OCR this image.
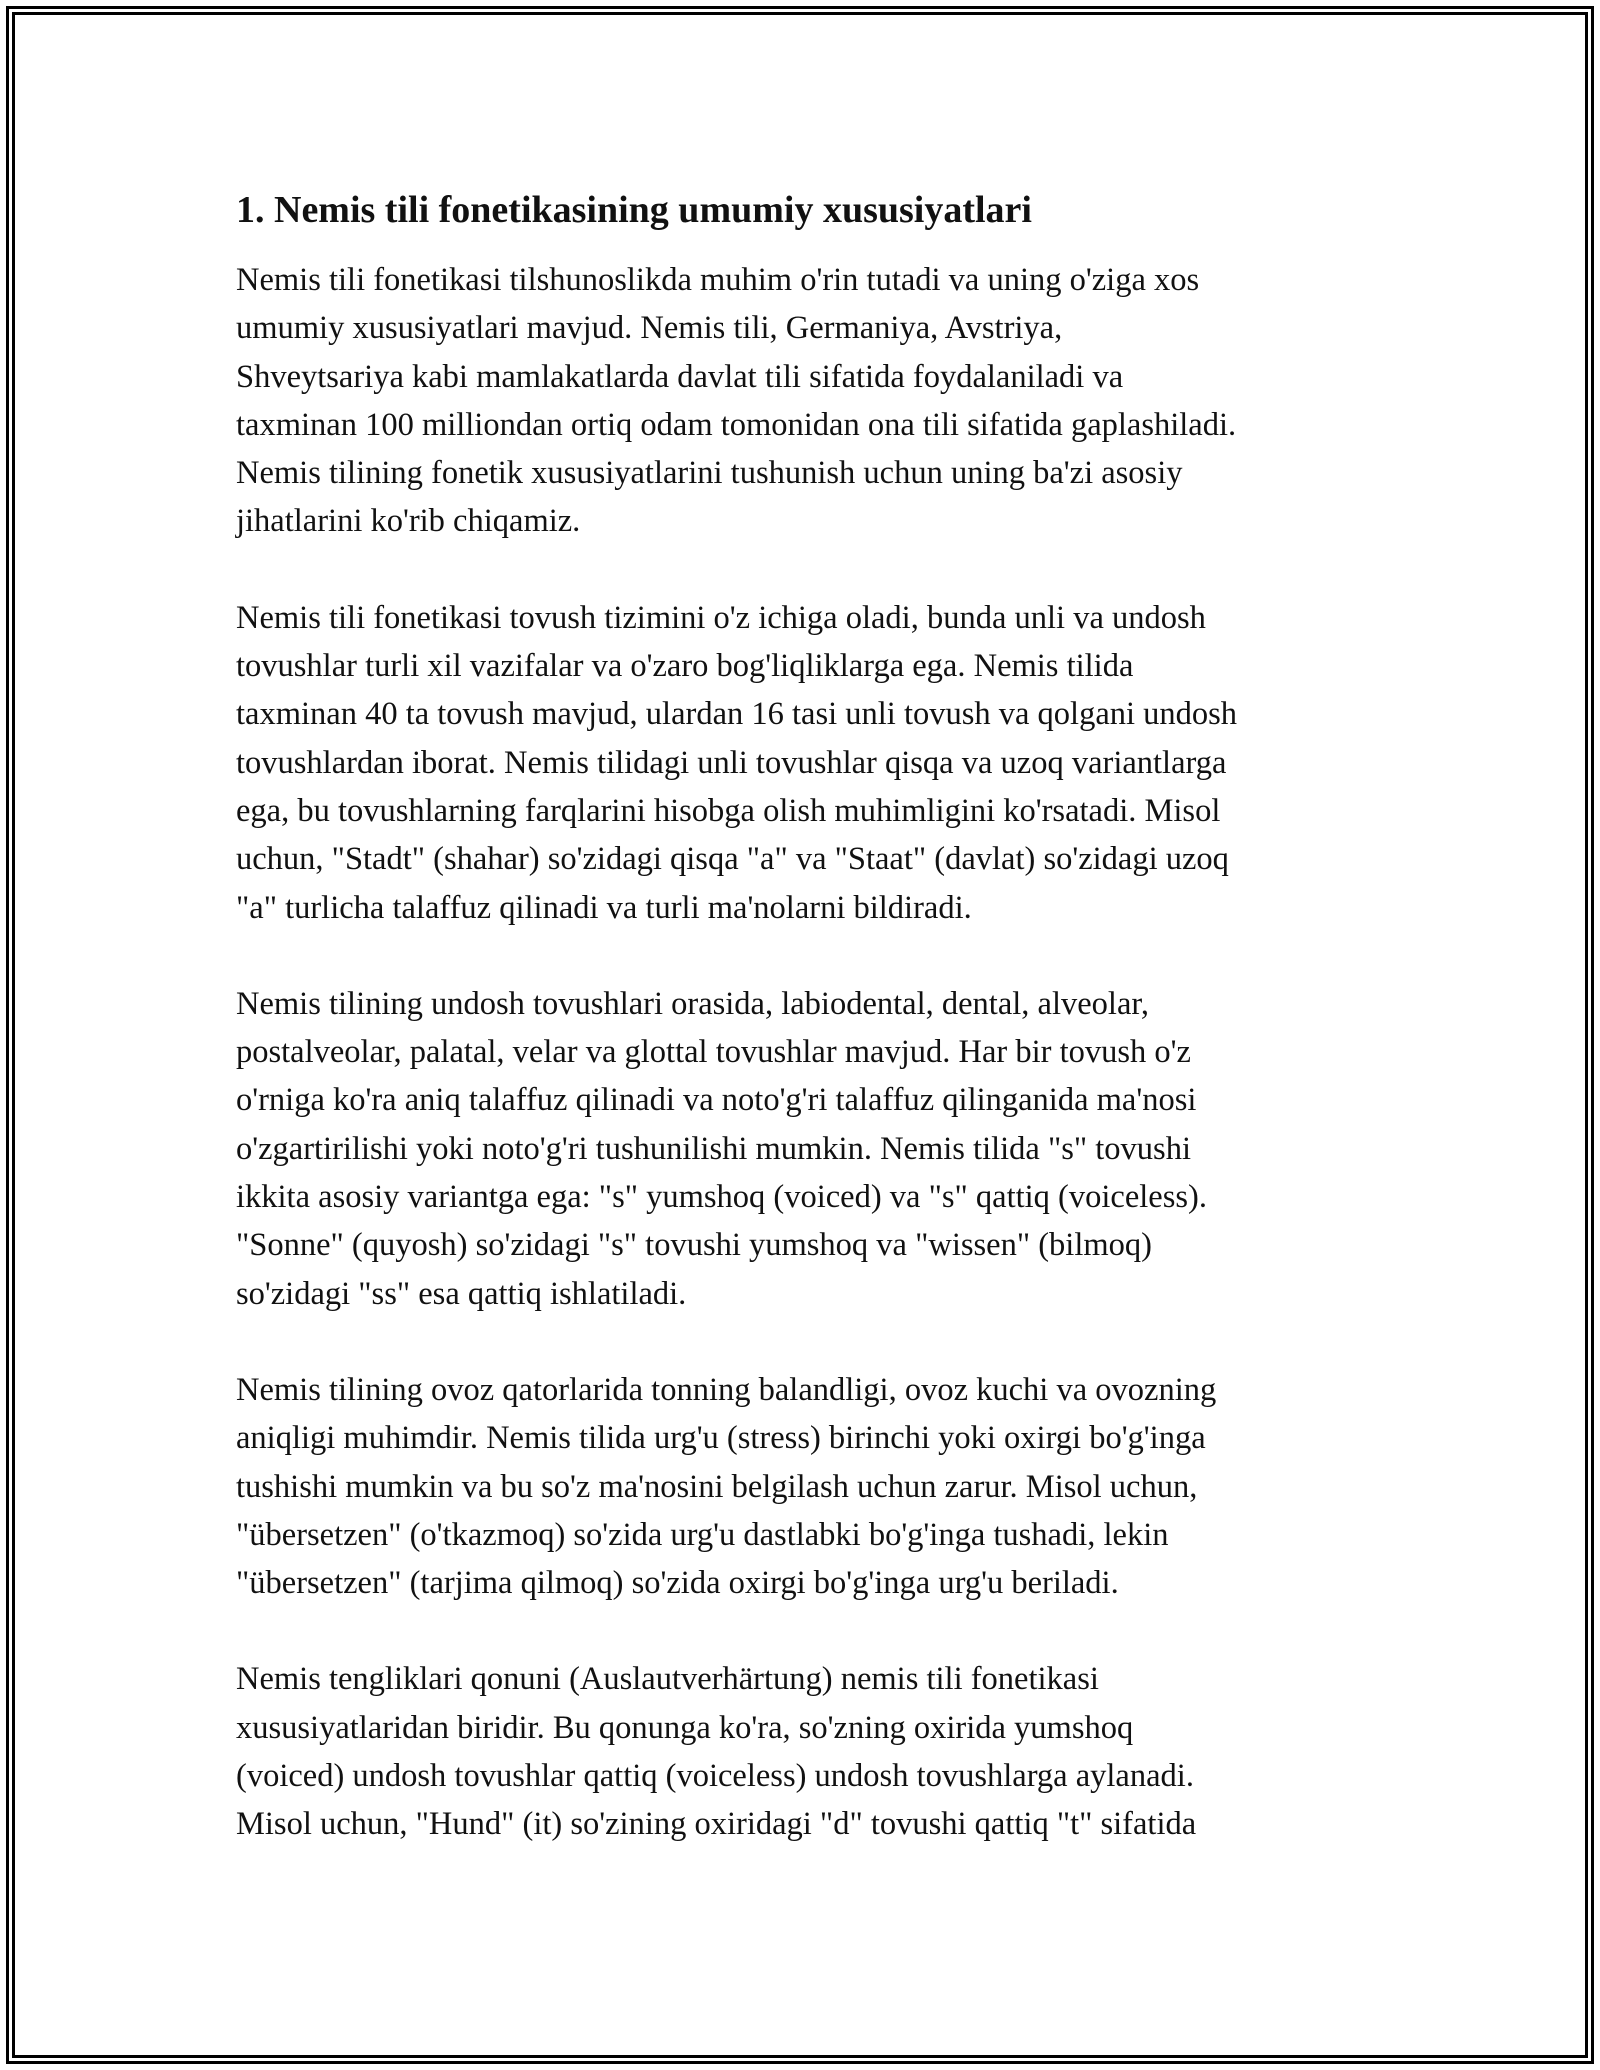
1. Nemis tili fonetikasining umumiy xususiyatlari

Nemis tili fonetikasi tilshunoslikda muhim o'rin tutadi va uning o'ziga xos
umumiy xususiyatlari mavjud. Nemis tili, Germaniya, Avstriya,
Shveytsariya kabi mamlakatlarda davlat tili sifatida foydalaniladi va
taxminan 100 milliondan ortiq odam tomonidan ona tili sifatida gaplashiladi.
Nemis tilining fonetik xususiyatlarini tushunish uchun uning ba'zi asosiy
jihatlarini ko'rib chiqamiz.

Nemis tili fonetikasi tovush tizimini o'z ichiga oladi, bunda unli va undosh
tovushlar turli xil vazifalar va o'zaro bog'liqliklarga ega. Nemis tilida
taxminan 40 ta tovush mavjud, ulardan 16 tasi unli tovush va qolgani undosh
tovushlardan iborat. Nemis tilidagi unli tovushlar qisqa va uzoq variantlarga
ega, bu tovushlarning farqlarini hisobga olish muhimligini ko'rsatadi. Misol
uchun, "Stadt" (shahar) so'zidagi qisqa "a" va "Staat" (davlat) so'zidagi uzoq
"a" turlicha talaffuz qilinadi va turli ma'nolarni bildiradi.

Nemis tilining undosh tovushlari orasida, labiodental, dental, alveolar,
postalveolar, palatal, velar va glottal tovushlar mavjud. Har bir tovush o'z
o'rniga ko'ra aniq talaffuz qilinadi va noto'g'ri talaffuz qilinganida ma'nosi
o'zgartirilishi yoki noto'g'ri tushunilishi mumkin. Nemis tilida "s" tovushi
ikkita asosiy variantga ega: "s" yumshoq (voiced) va "s" qattiq (voiceless).
"Sonne" (quyosh) so'zidagi "s" tovushi yumshoq va "wissen" (bilmoq)
so'zidagi "ss" esa qattiq ishlatiladi.

Nemis tilining ovoz qatorlarida tonning balandligi, ovoz kuchi va ovozning
aniqligi muhimdir. Nemis tilida urg'u (stress) birinchi yoki oxirgi bo'g'inga
tushishi mumkin va bu so'z ma'nosini belgilash uchun zarur. Misol uchun,
"übersetzen" (o'tkazmoq) so'zida urg'u dastlabki bo'g'inga tushadi, lekin
"übersetzen" (tarjima qilmoq) so'zida oxirgi bo'g'inga urg'u beriladi.

Nemis tengliklari qonuni (Auslautverhärtung) nemis tili fonetikasi
xususiyatlaridan biridir. Bu qonunga ko'ra, so'zning oxirida yumshoq
(voiced) undosh tovushlar qattiq (voiceless) undosh tovushlarga aylanadi.
Misol uchun, "Hund" (it) so'zining oxiridagi "d" tovushi qattiq "t" sifatida
